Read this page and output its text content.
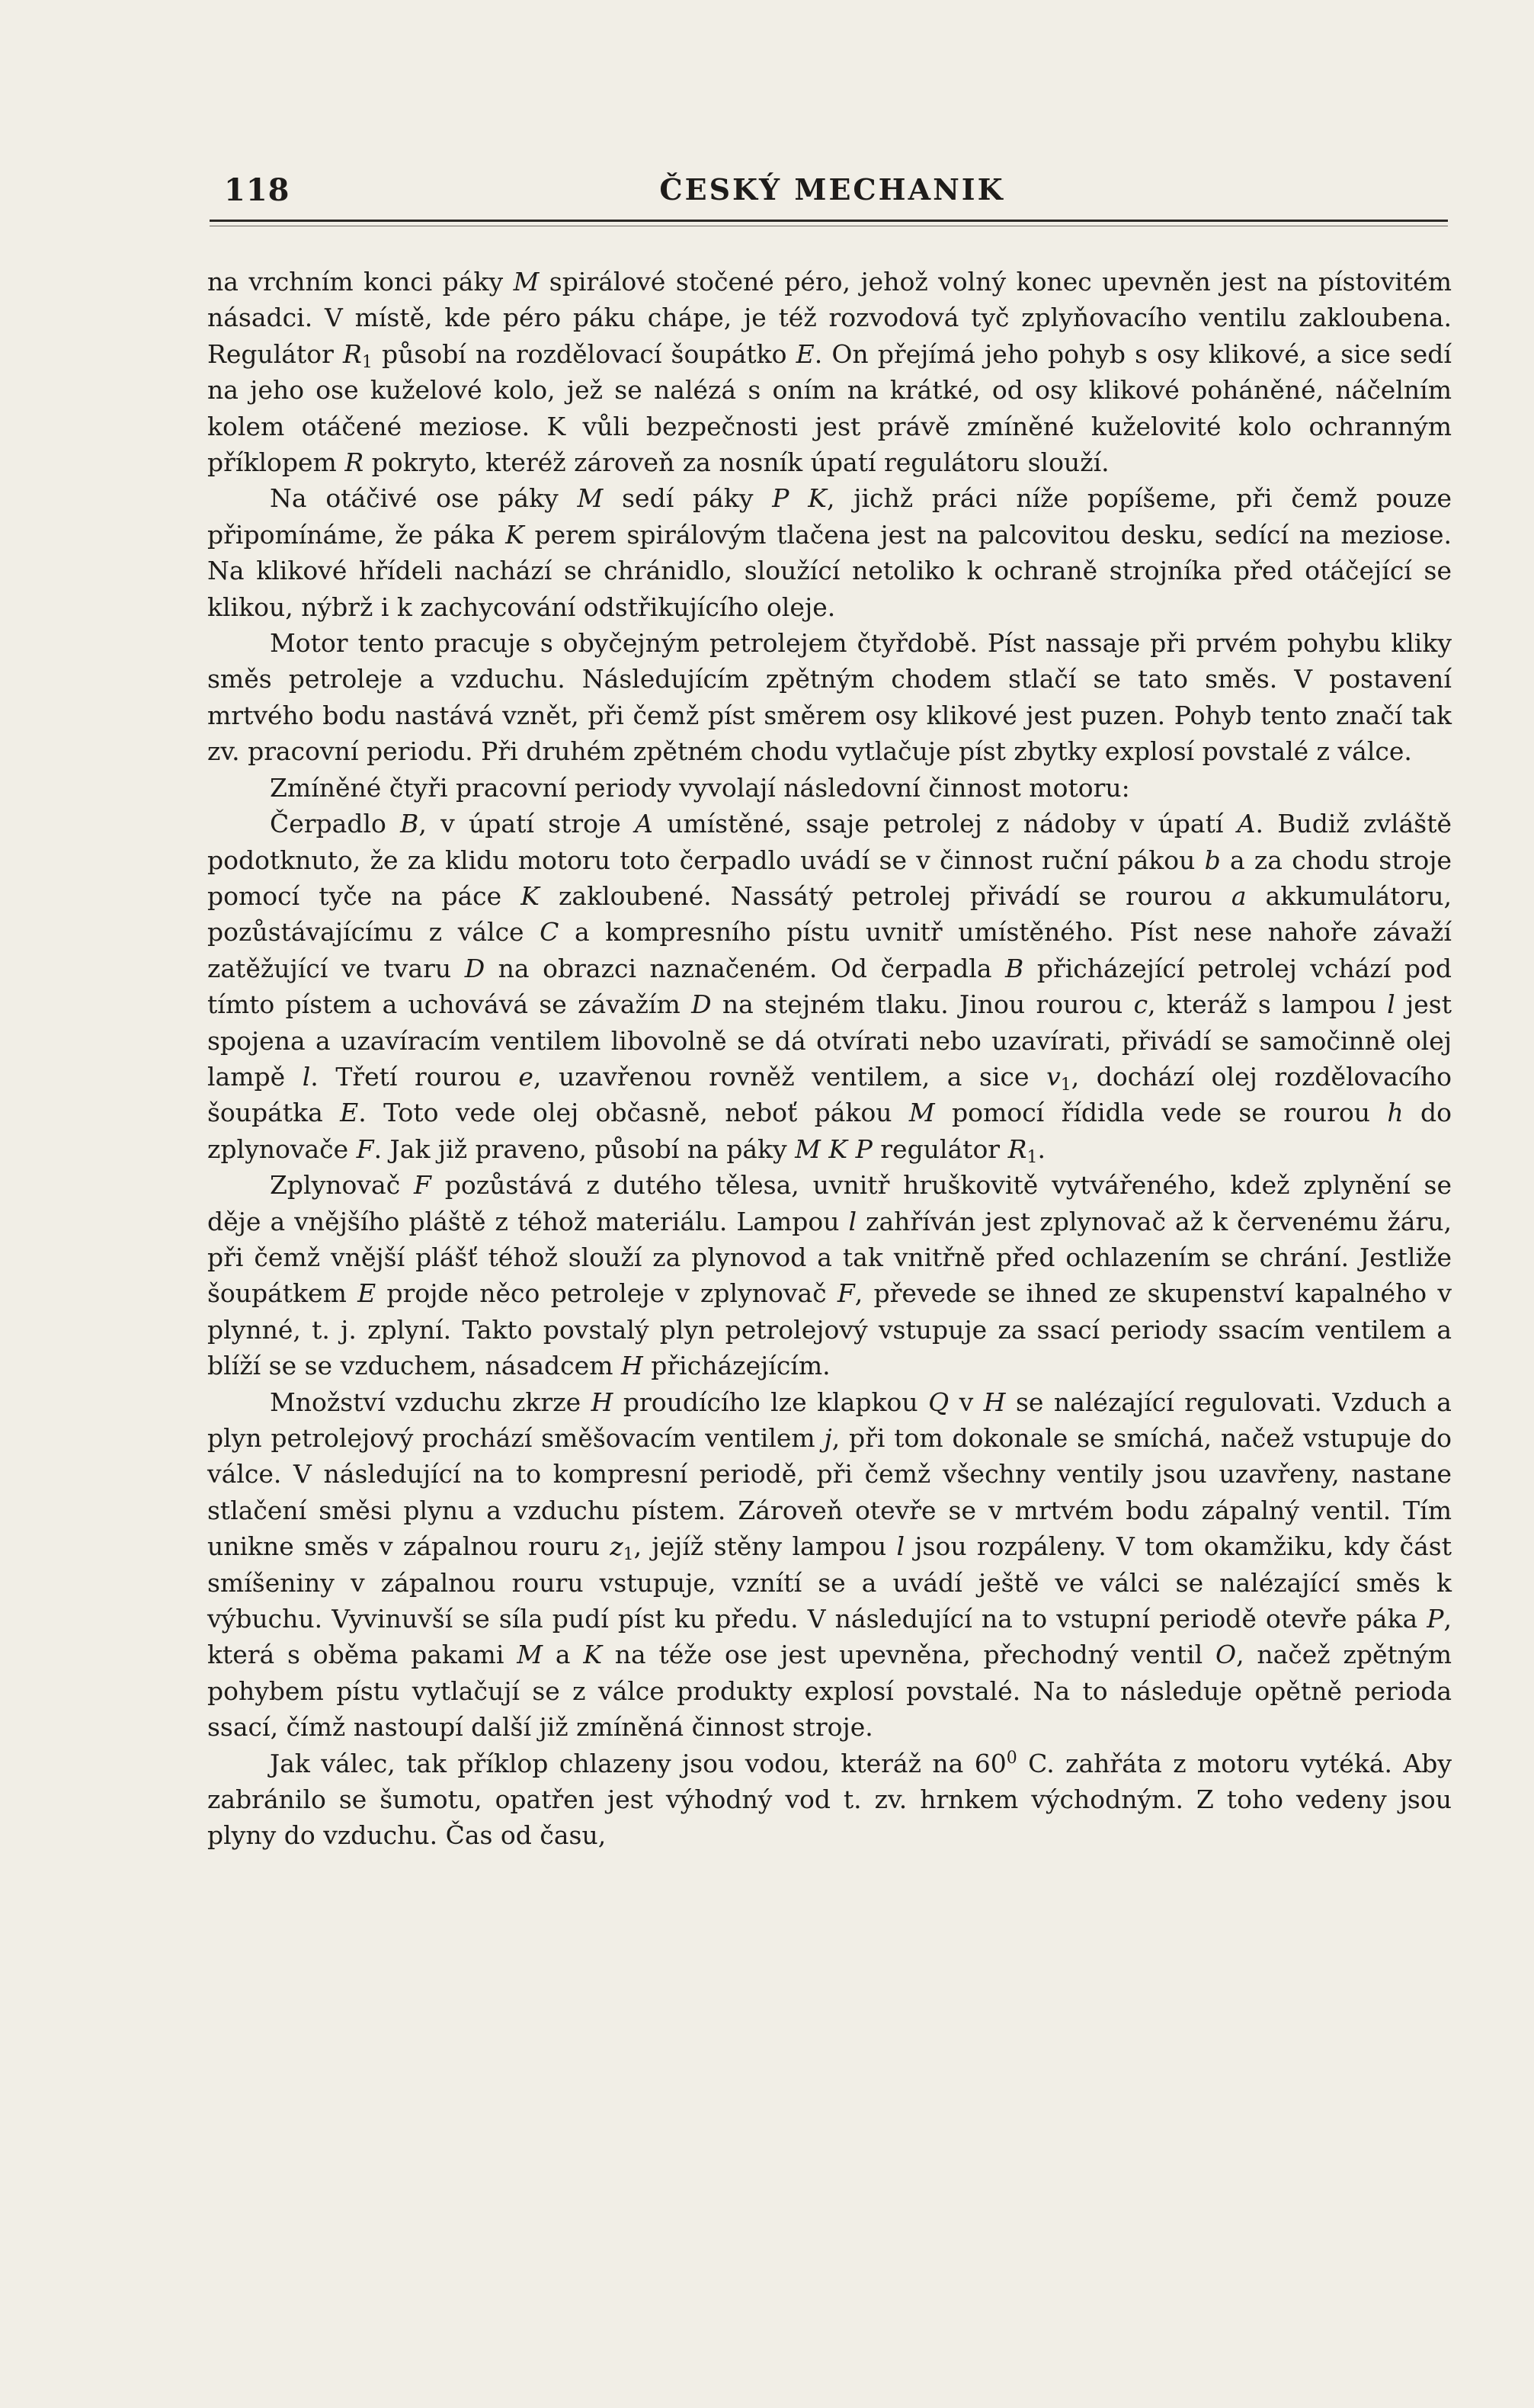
118	ČESKÝ MECHANIK

na vrchním konci páky M spirálové stočené péro, jehož volný konec upevněn jest na pístovitém násadci. V místě, kde péro páku chápe, je též rozvodová tyč zplyňovacího ventilu zakloubena. Regulátor $R_1$ působí na rozdělovací šoupátko E. On přejímá jeho pohyb s osy klikové, a sice sedí na jeho ose kuželové kolo, jež se nalézá s oním na krátké, od osy klikové poháněné, náčelním kolem otáčené meziose. K vůli bezpečnosti jest právě zmíněné kuželovité kolo ochranným příklopem R pokryto, kteréž zároveň za nosník úpatí regulátoru slouží.

Na otáčivé ose páky M sedí páky P K, jichž práci níže popíšeme, při čemž pouze připomínáme, že páka K perem spirálovým tlačena jest na palcovitou desku, sedící na meziose. Na klikové hřídeli nachází se chránidlo, sloužící netoliko k ochraně strojníka před otáčející se klikou, nýbrž i k zachycování odstřikujícího oleje.

Motor tento pracuje s obyčejným petrolejem čtyřdobě. Píst nassaje při prvém pohybu kliky směs petroleje a vzduchu. Následujícím zpětným chodem stlačí se tato směs. V postavení mrtvého bodu nastává vznět, při čemž píst směrem osy klikové jest puzen. Pohyb tento značí tak zv. pracovní periodu. Při druhém zpětném chodu vytlačuje píst zbytky explosí povstalé z válce.

Zmíněné čtyři pracovní periody vyvolají následovní činnost motoru:

Čerpadlo B, v úpatí stroje A umístěné, ssaje petrolej z nádoby v úpatí A. Budiž zvláště podotknuto, že za klidu motoru toto čerpadlo uvádí se v činnost ruční pákou b a za chodu stroje pomocí tyče na páce K zakloubené. Nassátý petrolej přivádí se rourou a akkumulátoru, pozůstávajícímu z válce C a kompresního pístu uvnitř umístěného. Píst nese nahoře závaží zatěžující ve tvaru D na obrazci naznačeném. Od čerpadla B přicházející petrolej vchází pod tímto pístem a uchovává se závažím D na stejném tlaku. Jinou rourou c, kteráž s lampou l jest spojena a uzavíracím ventilem libovolně se dá otvírati nebo uzavírati, přivádí se samočinně olej lampě l. Třetí rourou e, uzavřenou rovněž ventilem, a sice $v_1$, dochází olej rozdělovacího šoupátka E. Toto vede olej občasně, neboť pákou M pomocí řídidla vede se rourou h do zplynovače F. Jak již praveno, působí na páky M K P regulátor $R_1$.

Zplynovač F pozůstává z dutého tělesa, uvnitř hruškovitě vytvářeného, kdež zplynění se děje a vnějšího pláště z téhož materiálu. Lampou l zahříván jest zplynovač až k červenému žáru, při čemž vnější plášť téhož slouží za plynovod a tak vnitřně před ochlazením se chrání. Jestliže šoupátkem E projde něco petroleje v zplynovač F, převede se ihned ze skupenství kapalného v plynné, t. j. zplyní. Takto povstalý plyn petrolejový vstupuje za ssací periody ssacím ventilem a blíží se se vzduchem, násadcem H přicházejícím.

Množství vzduchu zkrze H proudícího lze klapkou Q v H se nalézající regulovati. Vzduch a plyn petrolejový prochází směšovacím ventilem j, při tom dokonale se smíchá, načež vstupuje do válce. V následující na to kompresní periodě, při čemž všechny ventily jsou uzavřeny, nastane stlačení směsi plynu a vzduchu pístem. Zároveň otevře se v mrtvém bodu zápalný ventil. Tím unikne směs v zápalnou rouru $z_1$, jejíž stěny lampou l jsou rozpáleny. V tom okamžiku, kdy část smíšeniny v zápalnou rouru vstupuje, vznítí se a uvádí ještě ve válci se nalézající směs k výbuchu. Vyvinuvší se síla pudí píst ku předu. V následující na to vstupní periodě otevře páka P, která s oběma pakami M a K na téže ose jest upevněna, přechodný ventil O, načež zpětným pohybem pístu vytlačují se z válce produkty explosí povstalé. Na to následuje opětně perioda ssací, čímž nastoupí další již zmíněná činnost stroje.

Jak válec, tak příklop chlazeny jsou vodou, kteráž na $60^0$ C. zahřáta z motoru vytéká. Aby zabránilo se šumotu, opatřen jest výhodný vod t. zv. hrnkem východným. Z toho vedeny jsou plyny do vzduchu. Čas od času,
